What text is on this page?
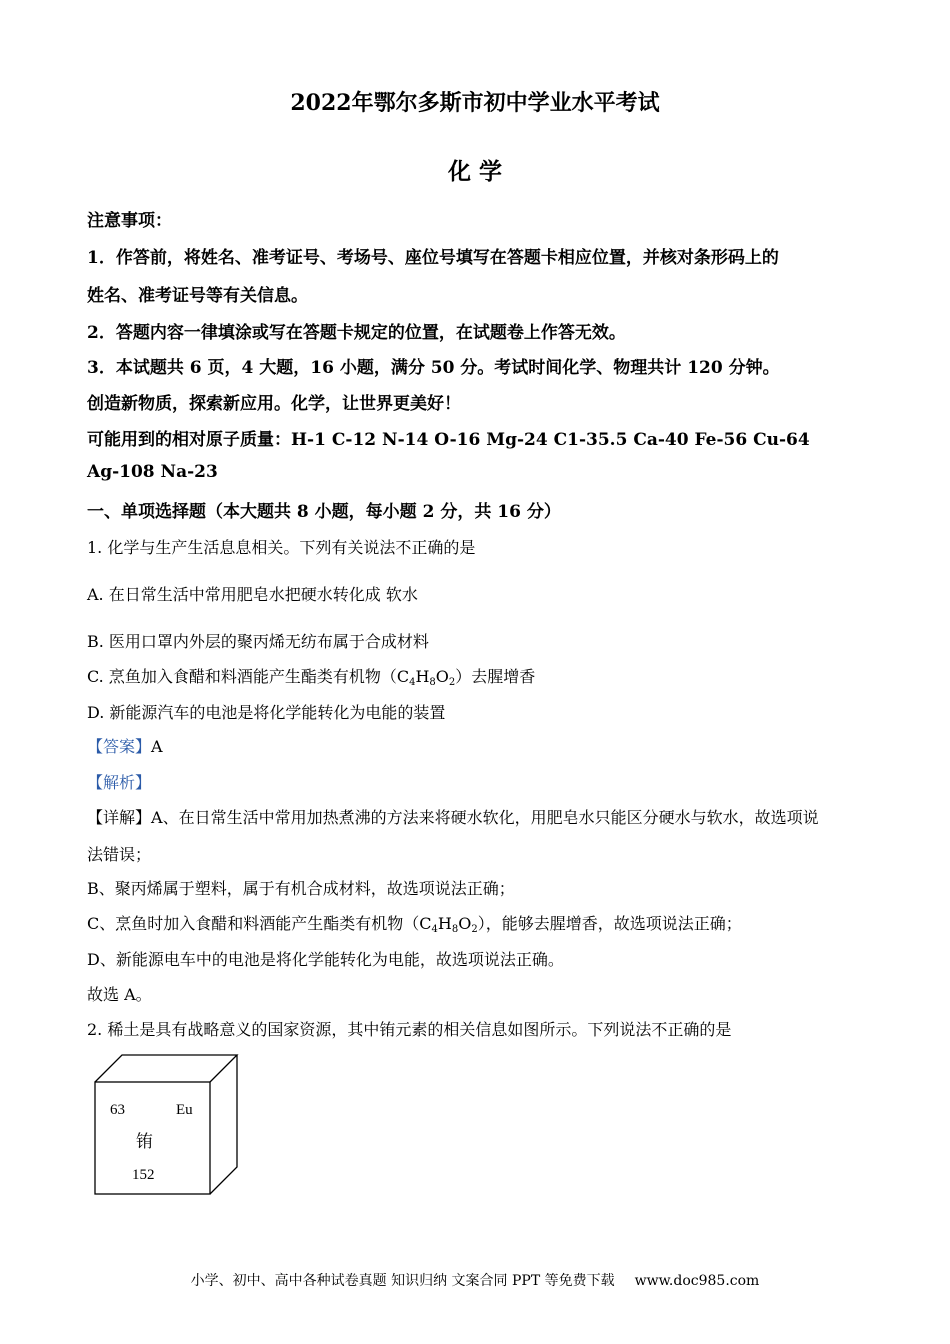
2022年鄂尔多斯市初中学业水平考试
化 学
注意事项：
1．作答前，将姓名、准考证号、考场号、座位号填写在答题卡相应位置，并核对条形码上的
姓名、准考证号等有关信息。
2．答题内容一律填涂或写在答题卡规定的位置，在试题卷上作答无效。
3．本试题共 6 页，4 大题，16 小题，满分 50 分。考试时间化学、物理共计 120 分钟。
创造新物质，探索新应用。化学，让世界更美好！
可能用到的相对原子质量：H-1 C-12 N-14 O-16 Mg-24 C1-35.5 Ca-40 Fe-56 Cu-64
Ag-108 Na-23
一、单项选择题（本大题共 8 小题，每小题 2 分，共 16 分）
1. 化学与生产生活息息相关。下列有关说法不正确的是
A. 在日常生活中常用肥皂水把硬水转化成 软水
B. 医用口罩内外层的聚丙烯无纺布属于合成材料
C. 烹鱼加入食醋和料酒能产生酯类有机物$(C_4H_8O_2)$去腥增香
D. 新能源汽车的电池是将化学能转化为电能的装置
【答案】A
【解析】
【详解】A、在日常生活中常用加热煮沸的方法来将硬水软化，用肥皂水只能区分硬水与软水，故选项说
法错误；
B、聚丙烯属于塑料，属于有机合成材料，故选项说法正确；
C、烹鱼时加入食醋和料酒能产生酯类有机物$(C_4H_8O_2)$，能够去腥增香，故选项说法正确；
D、新能源电车中的电池是将化学能转化为电能，故选项说法正确。
故选 A。
2. 稀土是具有战略意义的国家资源，其中铕元素的相关信息如图所示。下列说法不正确的是
63	Eu
铕
152
小学、初中、高中各种试卷真题 知识归纳 文案合同 PPT 等免费下载 www.doc985.com
